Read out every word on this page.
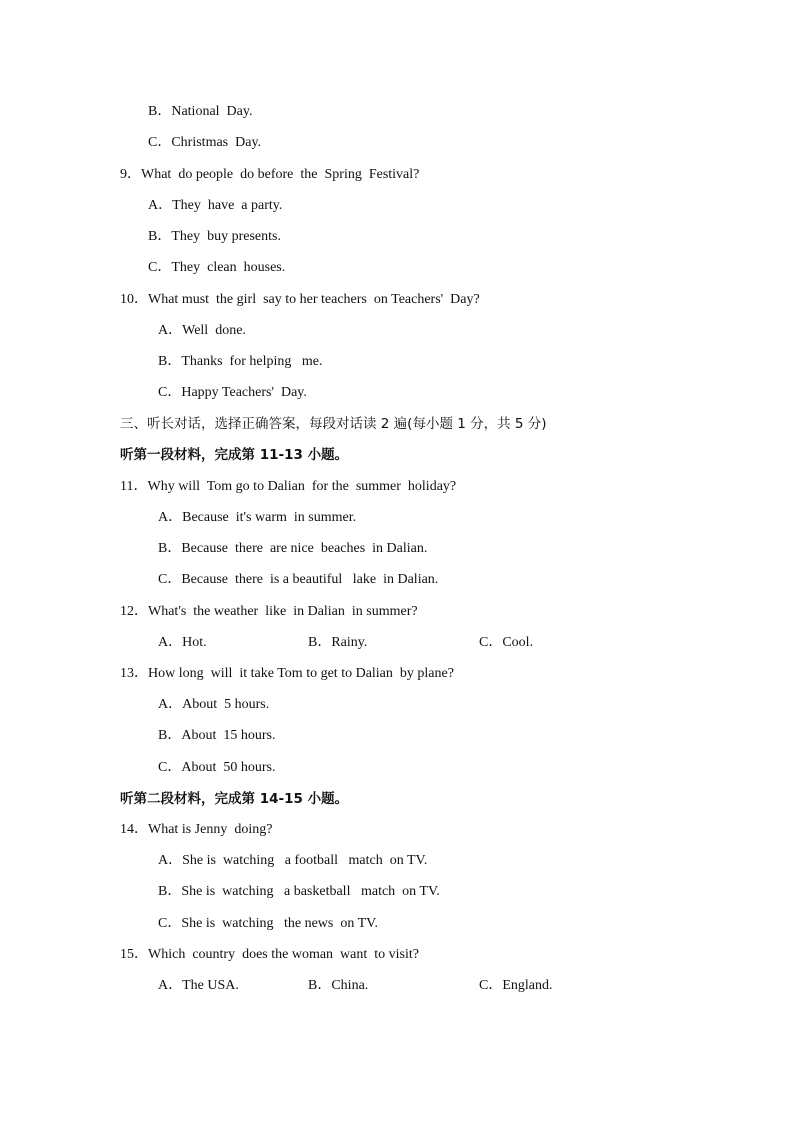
B．National  Day.
C．Christmas  Day.
9．What  do people  do before  the  Spring  Festival?
A．They  have  a party.
B．They  buy presents.
C．They  clean  houses.
10．What must  the girl  say to her teachers  on Teachers'  Day?
A．Well  done.
B．Thanks  for helping   me.
C．Happy Teachers'  Day.
三、听长对话，选择正确答案，每段对话读 2 遍(每小题 1 分，共 5 分)
听第一段材料，完成第 11-13 小题。
11．Why will  Tom go to Dalian  for the  summer  holiday?
A．Because  it's warm  in summer.
B．Because  there  are nice  beaches  in Dalian.
C．Because  there  is a beautiful   lake  in Dalian.
12．What's  the weather  like  in Dalian  in summer?
A．Hot.	B．Rainy.	C．Cool.
13．How long  will  it take Tom to get to Dalian  by plane?
A．About  5 hours.
B．About  15 hours.
C．About  50 hours.
听第二段材料，完成第 14-15 小题。
14．What is Jenny  doing?
A．She is  watching   a football   match  on TV.
B．She is  watching   a basketball   match  on TV.
C．She is  watching   the news  on TV.
15．Which  country  does the woman  want  to visit?
A．The USA.	B．China.	C．England.
